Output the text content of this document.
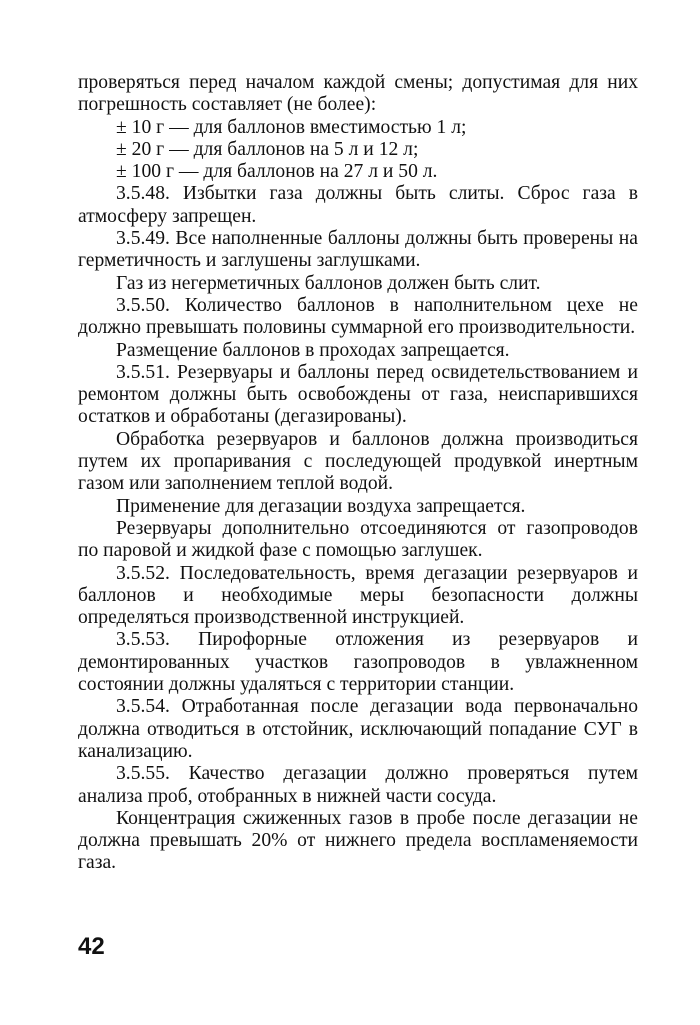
проверяться перед началом каждой смены; допустимая для них погрешность составляет (не более):

± 10 г — для баллонов вместимостью 1 л;

± 20 г — для баллонов на 5 л и 12 л;

± 100 г — для баллонов на 27 л и 50 л.

3.5.48. Избытки газа должны быть слиты. Сброс газа в атмосферу запрещен.

3.5.49. Все наполненные баллоны должны быть проверены на герметичность и заглушены заглушками.

Газ из негерметичных баллонов должен быть слит.

3.5.50. Количество баллонов в наполнительном цехе не должно превышать половины суммарной его производительности.

Размещение баллонов в проходах запрещается.

3.5.51. Резервуары и баллоны перед освидетельствованием и ремонтом должны быть освобождены от газа, неиспарившихся остатков и обработаны (дегазированы).

Обработка резервуаров и баллонов должна производиться путем их пропаривания с последующей продувкой инертным газом или заполнением теплой водой.

Применение для дегазации воздуха запрещается.

Резервуары дополнительно отсоединяются от газопроводов по паровой и жидкой фазе с помощью заглушек.

3.5.52. Последовательность, время дегазации резервуаров и баллонов и необходимые меры безопасности должны определяться производственной инструкцией.

3.5.53. Пирофорные отложения из резервуаров и демонтированных участков газопроводов в увлажненном состоянии должны удаляться с территории станции.

3.5.54. Отработанная после дегазации вода первоначально должна отводиться в отстойник, исключающий попадание СУГ в канализацию.

3.5.55. Качество дегазации должно проверяться путем анализа проб, отобранных в нижней части сосуда.

Концентрация сжиженных газов в пробе после дегазации не должна превышать 20% от нижнего предела воспламеняемости газа.

42
